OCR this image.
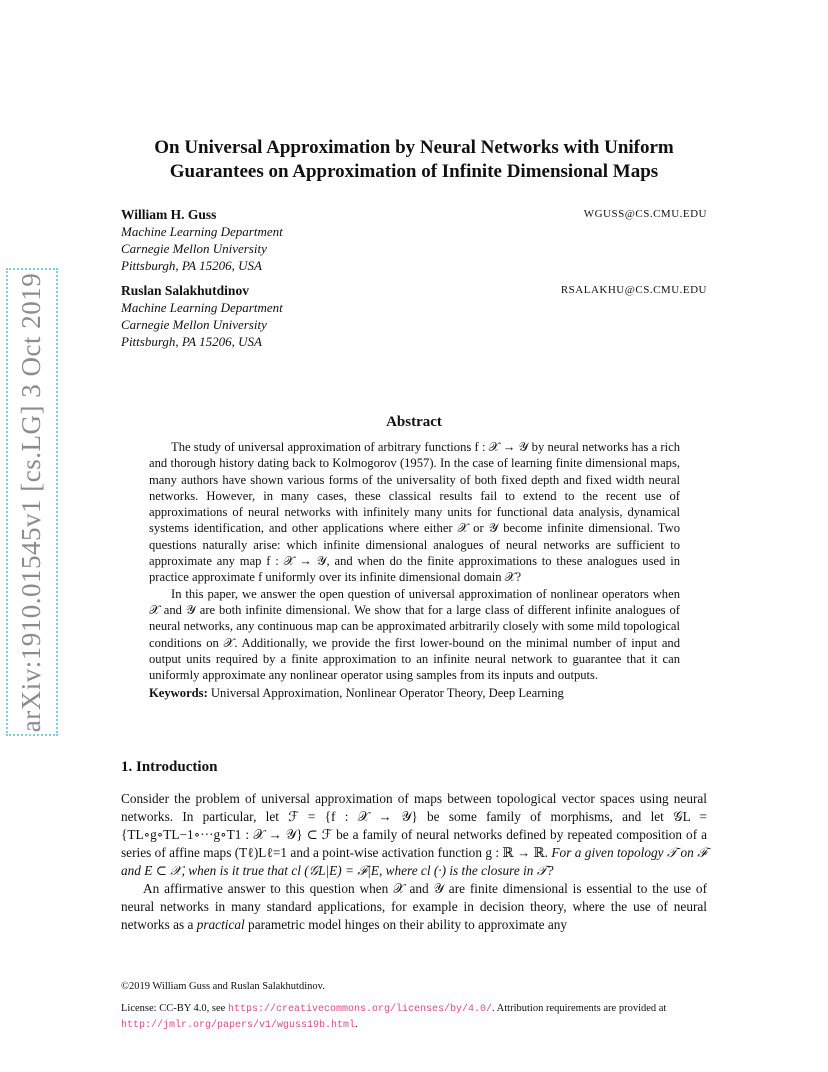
arXiv:1910.01545v1 [cs.LG] 3 Oct 2019
On Universal Approximation by Neural Networks with Uniform
Guarantees on Approximation of Infinite Dimensional Maps
William H. Guss	WGUSS@CS.CMU.EDU
Machine Learning Department
Carnegie Mellon University
Pittsburgh, PA 15206, USA
Ruslan Salakhutdinov	RSALAKHU@CS.CMU.EDU
Machine Learning Department
Carnegie Mellon University
Pittsburgh, PA 15206, USA
Abstract

The study of universal approximation of arbitrary functions f : 𝒳 → 𝒴 by neural networks has a rich and thorough history dating back to Kolmogorov (1957). In the case of learning finite dimensional maps, many authors have shown various forms of the universality of both fixed depth and fixed width neural networks. However, in many cases, these classical results fail to extend to the recent use of approximations of neural networks with infinitely many units for functional data analysis, dynamical systems identification, and other applications where either 𝒳 or 𝒴 become infinite dimensional. Two questions naturally arise: which infinite dimensional analogues of neural networks are sufficient to approximate any map f : 𝒳 → 𝒴, and when do the finite approximations to these analogues used in practice approximate f uniformly over its infinite dimensional domain 𝒳?

In this paper, we answer the open question of universal approximation of nonlinear operators when 𝒳 and 𝒴 are both infinite dimensional. We show that for a large class of different infinite analogues of neural networks, any continuous map can be approximated arbitrarily closely with some mild topological conditions on 𝒳. Additionally, we provide the first lower-bound on the minimal number of input and output units required by a finite approximation to an infinite neural network to guarantee that it can uniformly approximate any nonlinear operator using samples from its inputs and outputs.

Keywords: Universal Approximation, Nonlinear Operator Theory, Deep Learning
1. Introduction

Consider the problem of universal approximation of maps between topological vector spaces using neural networks. In particular, let ℱ = {f : 𝒳 → 𝒴} be some family of morphisms, and let 𝒢L = {TL∘g∘TL−1∘···g∘T1 : 𝒳 → 𝒴} ⊂ ℱ be a family of neural networks defined by repeated composition of a series of affine maps (Tℓ)Lℓ=1 and a point-wise activation function g : ℝ → ℝ. For a given topology 𝒯 on ℱ and E ⊂ 𝒳, when is it true that cl (𝒢L|E) = ℱ|E, where cl (·) is the closure in 𝒯?

An affirmative answer to this question when 𝒳 and 𝒴 are finite dimensional is essential to the use of neural networks in many standard applications, for example in decision theory, where the use of neural networks as a practical parametric model hinges on their ability to approximate any

©2019 William Guss and Ruslan Salakhutdinov.
License: CC-BY 4.0, see https://creativecommons.org/licenses/by/4.0/. Attribution requirements are provided at http://jmlr.org/papers/v1/wguss19b.html.
